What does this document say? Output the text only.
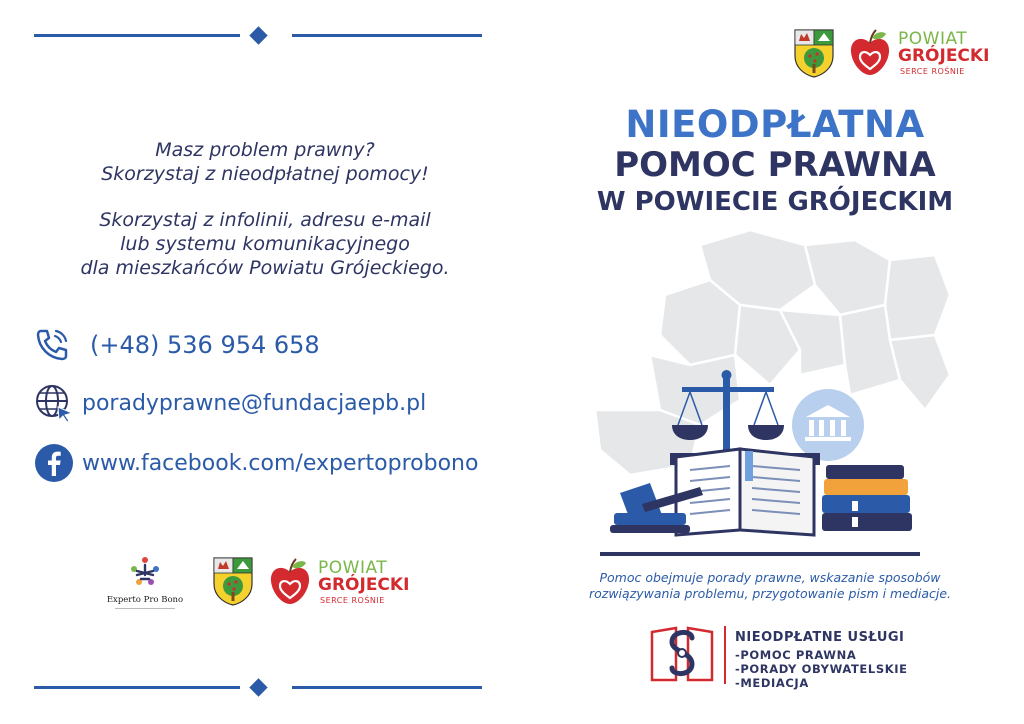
Masz problem prawny?
Skorzystaj z nieodpłatnej pomocy!
Skorzystaj z infolinii, adresu e-mail
lub systemu komunikacyjnego
dla mieszkańców Powiatu Grójeckiego.
(+48) 536 954 658
poradyprawne@fundacjaepb.pl
www.facebook.com/expertoprobono
Experto Pro Bono
POWIAT
GRÓJECKI
SERCE ROŚNIE
POWIAT
GRÓJECKI
SERCE ROŚNIE
NIEODPŁATNA
POMOC PRAWNA
W POWIECIE GRÓJECKIM
Pomoc obejmuje porady prawne, wskazanie sposobów
rozwiązywania problemu, przygotowanie pism i mediacje.
NIEODPŁATNE USŁUGI
-POMOC PRAWNA
-PORADY OBYWATELSKIE
-MEDIACJA
